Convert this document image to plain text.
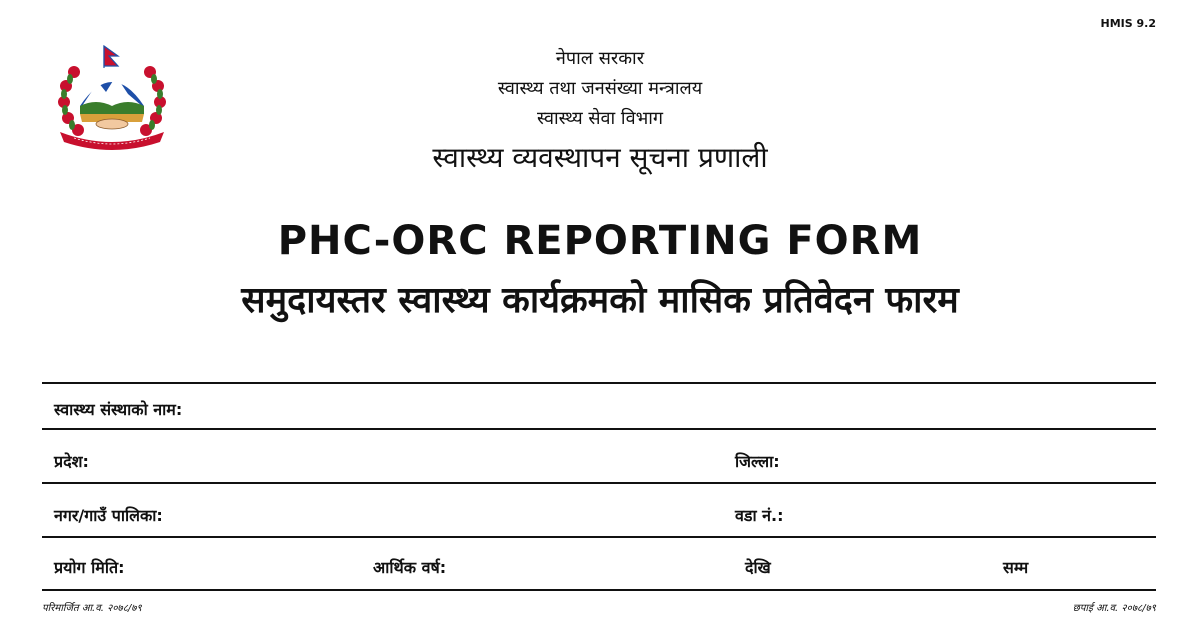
HMIS 9.2
नेपाल सरकार
स्वास्थ्य तथा जनसंख्या मन्त्रालय
स्वास्थ्य सेवा विभाग
स्वास्थ्य व्यवस्थापन सूचना प्रणाली
PHC-ORC REPORTING FORM
समुदायस्तर स्वास्थ्य कार्यक्रमको मासिक प्रतिवेदन फारम
स्वास्थ्य संस्थाको नाम:
प्रदेश:	जिल्ला:
नगर/गाउँ पालिका:	वडा नं.:
प्रयोग मिति:	आर्थिक वर्ष:	देखि	सम्म
परिमार्जित आ.व. २०७८/७९	छपाई आ.व. २०७८/७९
